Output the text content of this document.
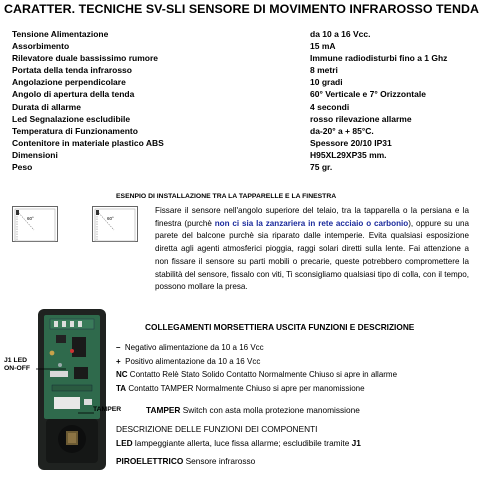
CARATTER. TECNICHE SV-SLI SENSORE DI MOVIMENTO INFRAROSSO TENDA
Tensione Alimentazione	da 10 a 16 Vcc.
Assorbimento	15 mA
Rilevatore duale bassissimo rumore	Immune radiodisturbi fino a 1 Ghz
Portata della tenda infrarosso	8 metri
Angolazione perpendicolare	10 gradi
Angolo di apertura della tenda	60° Verticale e 7° Orizzontale
Durata di allarme	4 secondi
Led Segnalazione escludibile	rosso rilevazione allarme
Temperatura di Funzionamento	da-20° a + 85°C.
Contenitore in materiale plastico ABS	Spessore 20/10 IP31
Dimensioni	H95XL29XP35 mm.
Peso	75 gr.
ESENPIO DI INSTALLAZIONE TRA LA TAPPARELLE E LA FINESTRA
60°	60°
Fissare il sensore nell'angolo superiore del telaio, tra la tapparella o la persiana e la finestra (purchè non ci sia la zanzariera in rete acciaio o carbonio), oppure su una parete del balcone purchè sia riparato dalle intemperie. Evita qualsiasi esposizione diretta agli agenti atmosferici pioggia, raggi solari diretti sulla lente. Fai attenzione a non fissare il sensore su parti mobili o precarie, queste potrebbero compromettere la stabilità del sensore, fissalo con viti, Ti sconsigliamo qualsiasi tipo di colla, con il tempo, possono mollare la presa.
COLLEGAMENTI MORSETTIERA USCITA FUNZIONI E DESCRIZIONE
– Negativo alimentazione da 10 a 16 Vcc
+ Positivo alimentazione da 10 a 16 Vcc
NC Contatto Relè Stato Solido Contatto Normalmente Chiuso si apre in allarme
TA Contatto TAMPER Normalmente Chiuso si apre per manomissione
J1 LED
ON-OFF
TAMPER	TAMPER Switch con asta molla protezione manomissione
DESCRIZIONE DELLE FUNZIONI DEI COMPONENTI
LED lampeggiante allerta, luce fissa allarme; escludibile tramite J1
PIROELETTRICO Sensore infrarosso
